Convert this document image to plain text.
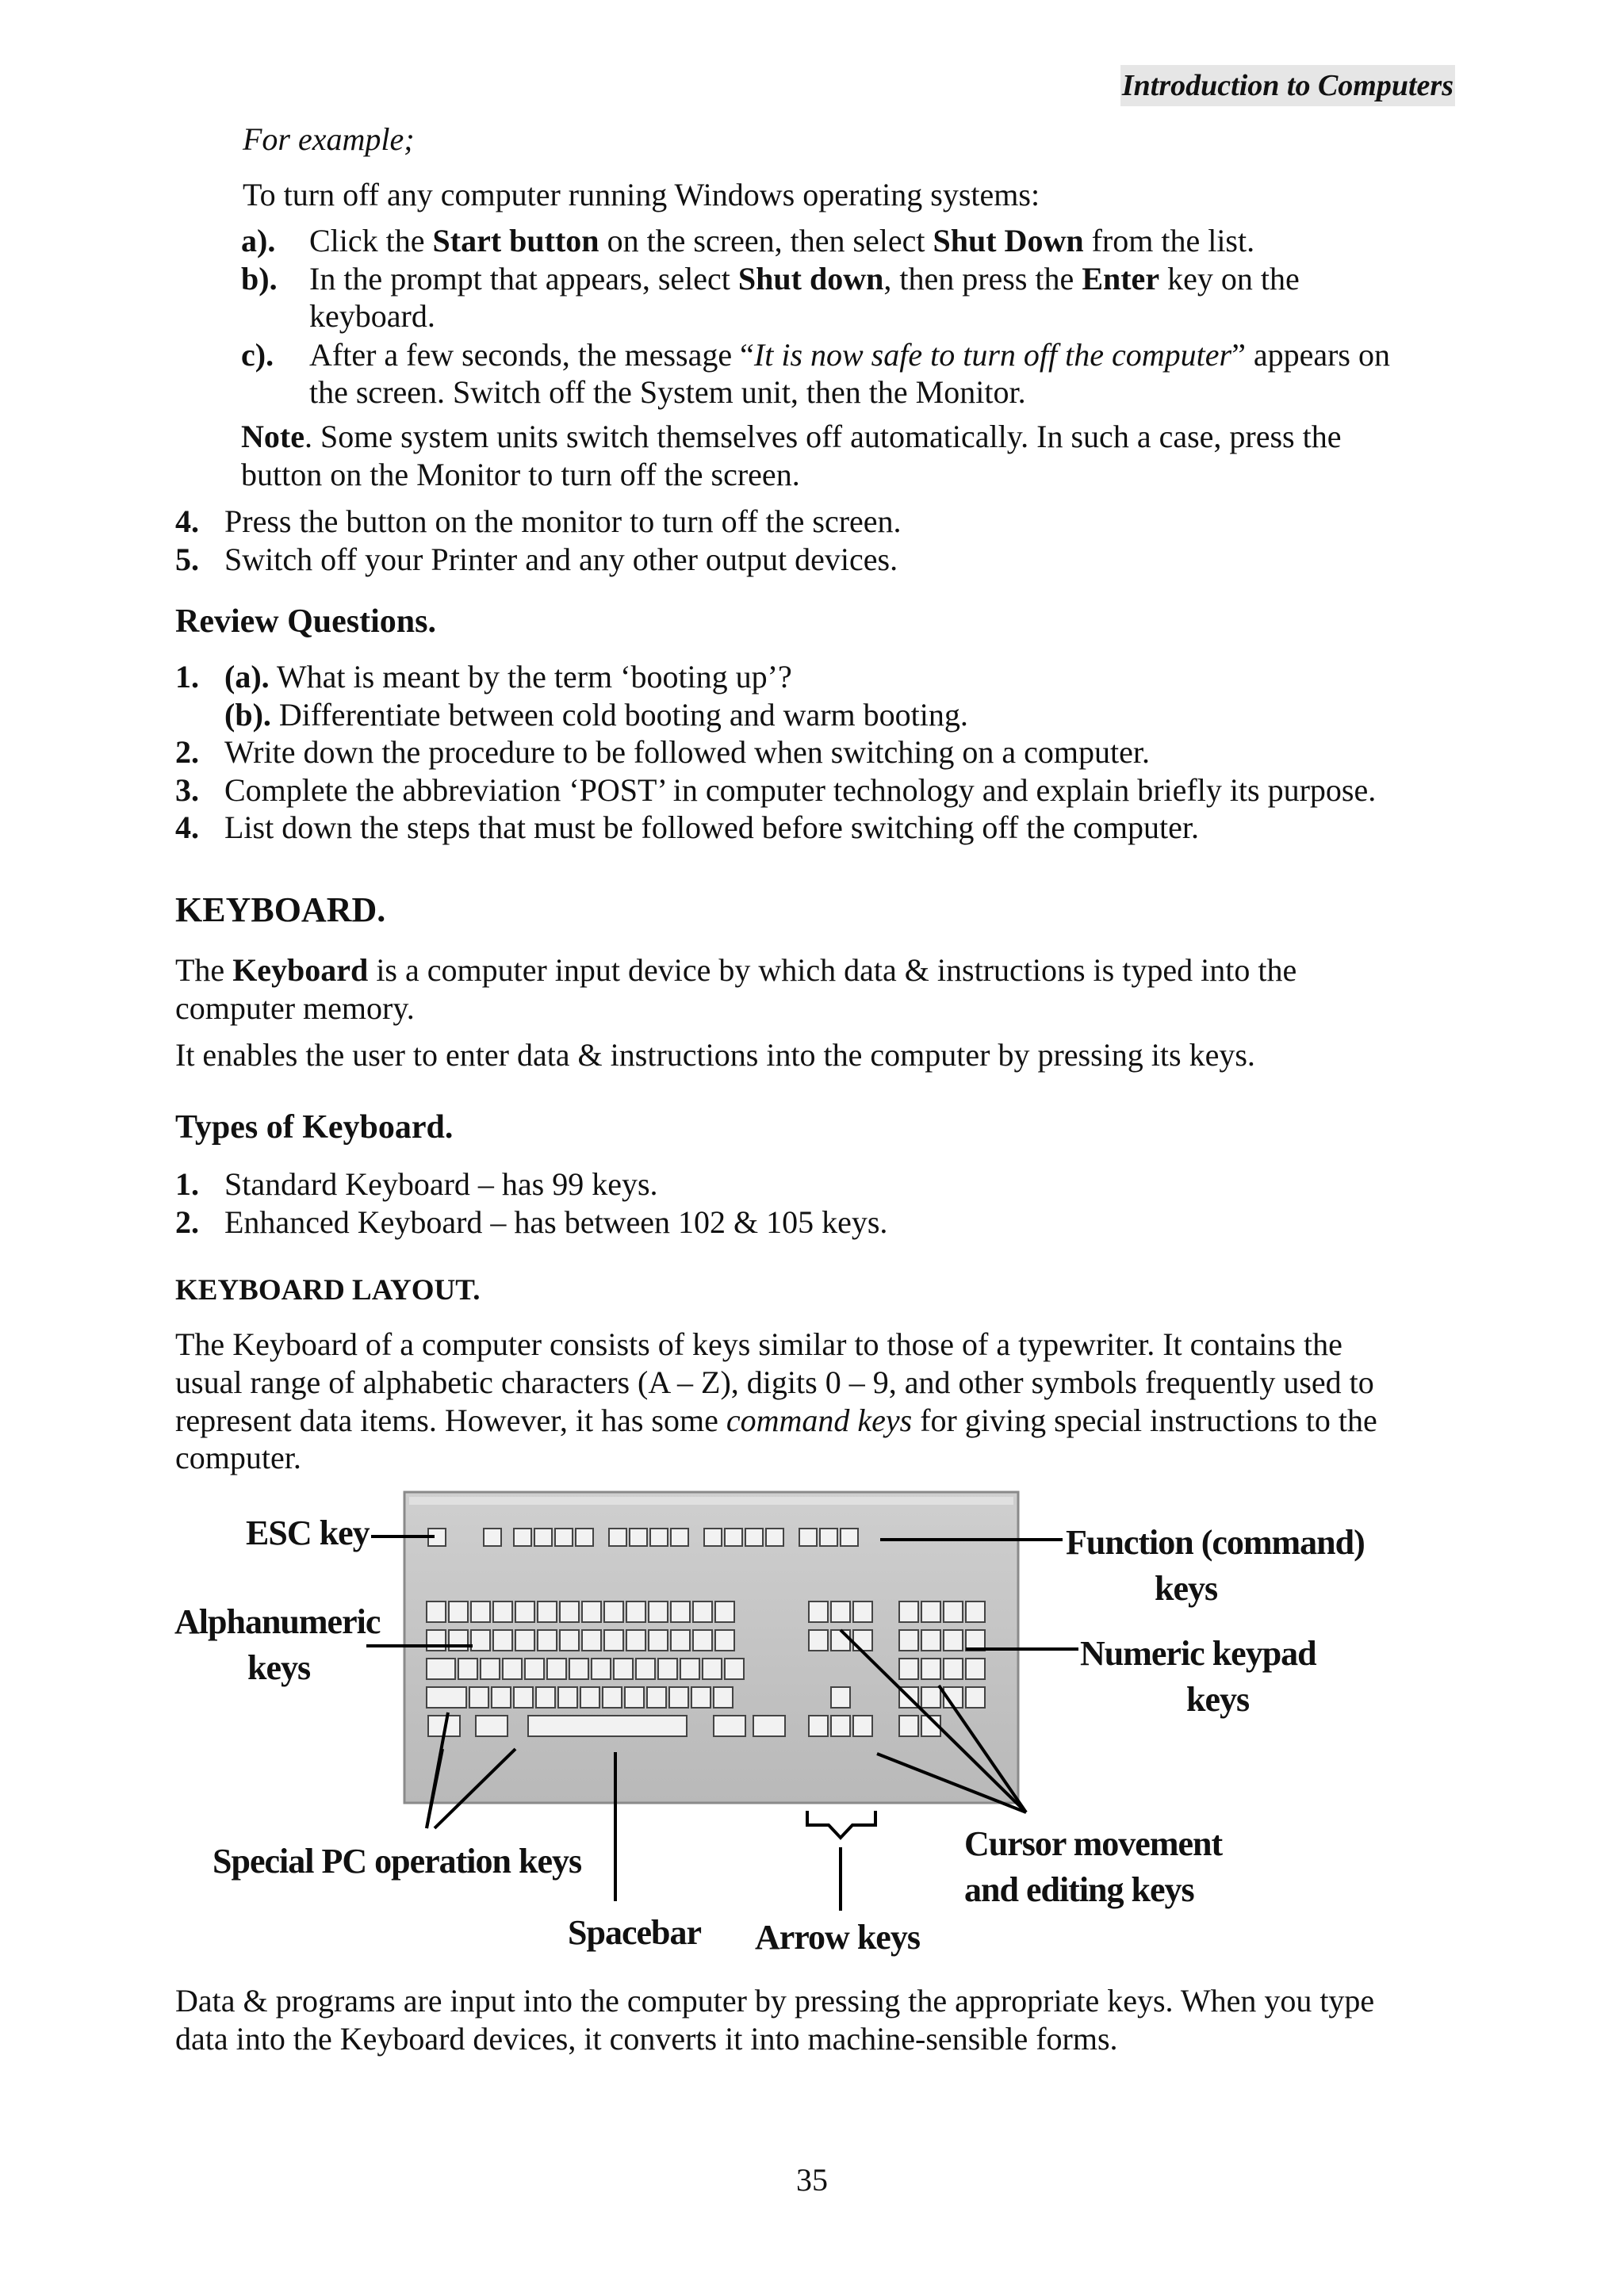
Introduction to Computers
For example;
To turn off any computer running Windows operating systems:
a). Click the Start button on the screen, then select Shut Down from the list.
b). In the prompt that appears, select Shut down, then press the Enter key on the
keyboard.
c). After a few seconds, the message “It is now safe to turn off the computer” appears on
the screen. Switch off the System unit, then the Monitor.
Note. Some system units switch themselves off automatically. In such a case, press the
button on the Monitor to turn off the screen.
4. Press the button on the monitor to turn off the screen.
5. Switch off your Printer and any other output devices.
Review Questions.
1. (a). What is meant by the term ‘booting up’?
(b). Differentiate between cold booting and warm booting.
2. Write down the procedure to be followed when switching on a computer.
3. Complete the abbreviation ‘POST’ in computer technology and explain briefly its purpose.
4. List down the steps that must be followed before switching off the computer.
KEYBOARD.
The Keyboard is a computer input device by which data & instructions is typed into the
computer memory.
It enables the user to enter data & instructions into the computer by pressing its keys.
Types of Keyboard.
1. Standard Keyboard – has 99 keys.
2. Enhanced Keyboard – has between 102 & 105 keys.
KEYBOARD LAYOUT.
The Keyboard of a computer consists of keys similar to those of a typewriter. It contains the
usual range of alphabetic characters (A – Z), digits 0 – 9, and other symbols frequently used to
represent data items. However, it has some command keys for giving special instructions to the
computer.
ESC key	Function (command)
keys
Alphanumeric
keys	Numeric keypad
keys
Special PC operation keys	Cursor movement
and editing keys
Spacebar Arrow keys
Data & programs are input into the computer by pressing the appropriate keys. When you type
data into the Keyboard devices, it converts it into machine-sensible forms.
35
